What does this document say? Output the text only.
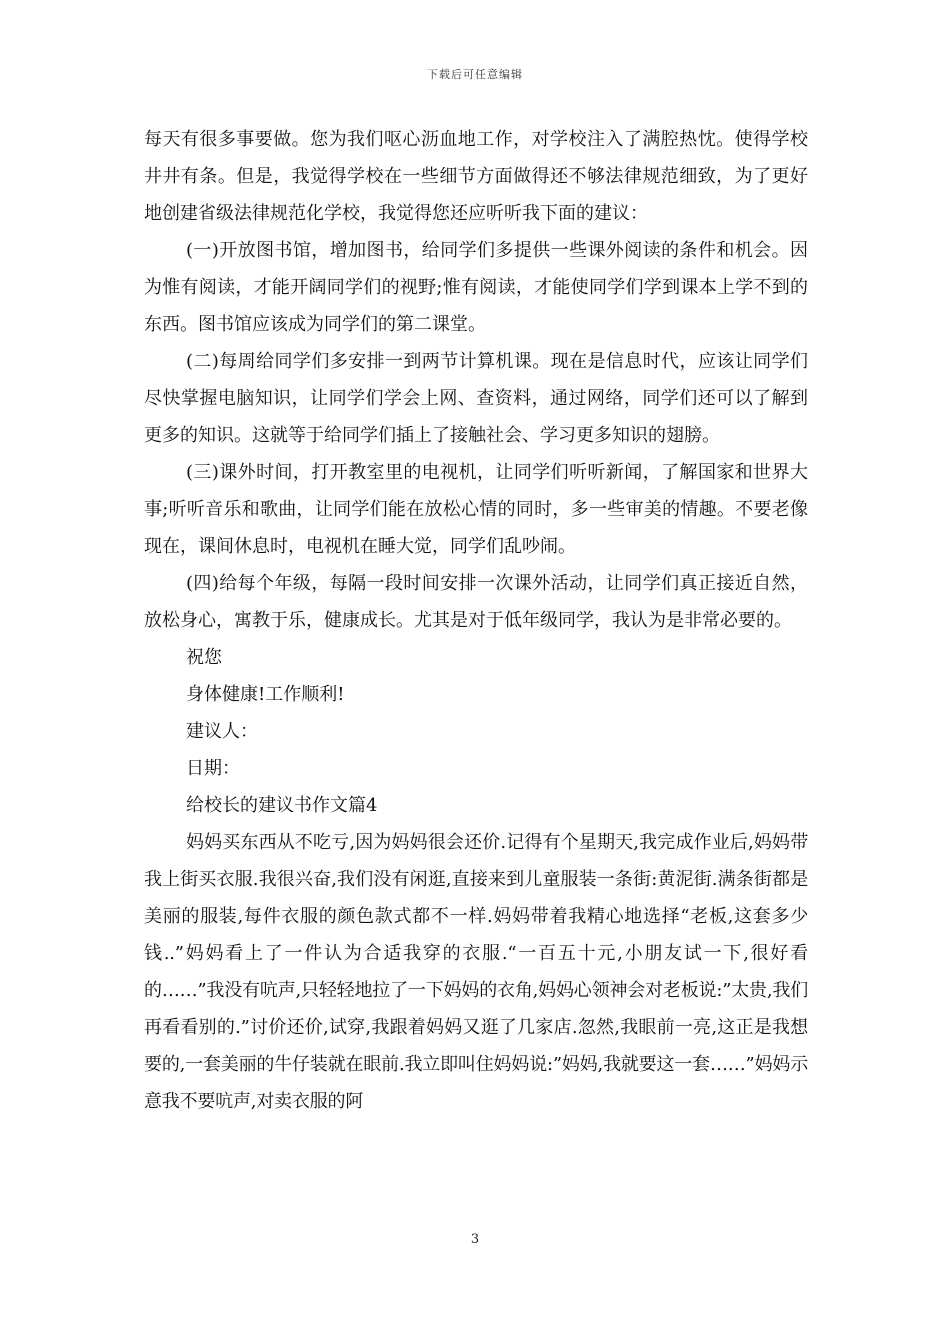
下载后可任意编辑

每天有很多事要做。您为我们呕心沥血地工作，对学校注入了满腔热忱。使得学校井井有条。但是，我觉得学校在一些细节方面做得还不够法律规范细致，为了更好地创建省级法律规范化学校，我觉得您还应听听我下面的建议：

(一)开放图书馆，增加图书，给同学们多提供一些课外阅读的条件和机会。因为惟有阅读，才能开阔同学们的视野;惟有阅读，才能使同学们学到课本上学不到的东西。图书馆应该成为同学们的第二课堂。

(二)每周给同学们多安排一到两节计算机课。现在是信息时代，应该让同学们尽快掌握电脑知识，让同学们学会上网、查资料，通过网络，同学们还可以了解到更多的知识。这就等于给同学们插上了接触社会、学习更多知识的翅膀。

(三)课外时间，打开教室里的电视机，让同学们听听新闻，了解国家和世界大事;听听音乐和歌曲，让同学们能在放松心情的同时，多一些审美的情趣。不要老像现在，课间休息时，电视机在睡大觉，同学们乱吵闹。

(四)给每个年级，每隔一段时间安排一次课外活动，让同学们真正接近自然，放松身心，寓教于乐，健康成长。尤其是对于低年级同学，我认为是非常必要的。

祝您

身体健康!工作顺利!

建议人：

日期：

给校长的建议书作文篇4

妈妈买东西从不吃亏,因为妈妈很会还价.记得有个星期天,我完成作业后,妈妈带我上街买衣服.我很兴奋,我们没有闲逛,直接来到儿童服装一条街:黄泥街.满条街都是美丽的服装,每件衣服的颜色款式都不一样.妈妈带着我精心地选择“老板,这套多少钱..”妈妈看上了一件认为合适我穿的衣服.“一百五十元,小朋友试一下,很好看的……”我没有吭声,只轻轻地拉了一下妈妈的衣角,妈妈心领神会对老板说:”太贵,我们再看看别的.”讨价还价,试穿,我跟着妈妈又逛了几家店.忽然,我眼前一亮,这正是我想要的,一套美丽的牛仔装就在眼前.我立即叫住妈妈说:”妈妈,我就要这一套……”妈妈示意我不要吭声,对卖衣服的阿

3
